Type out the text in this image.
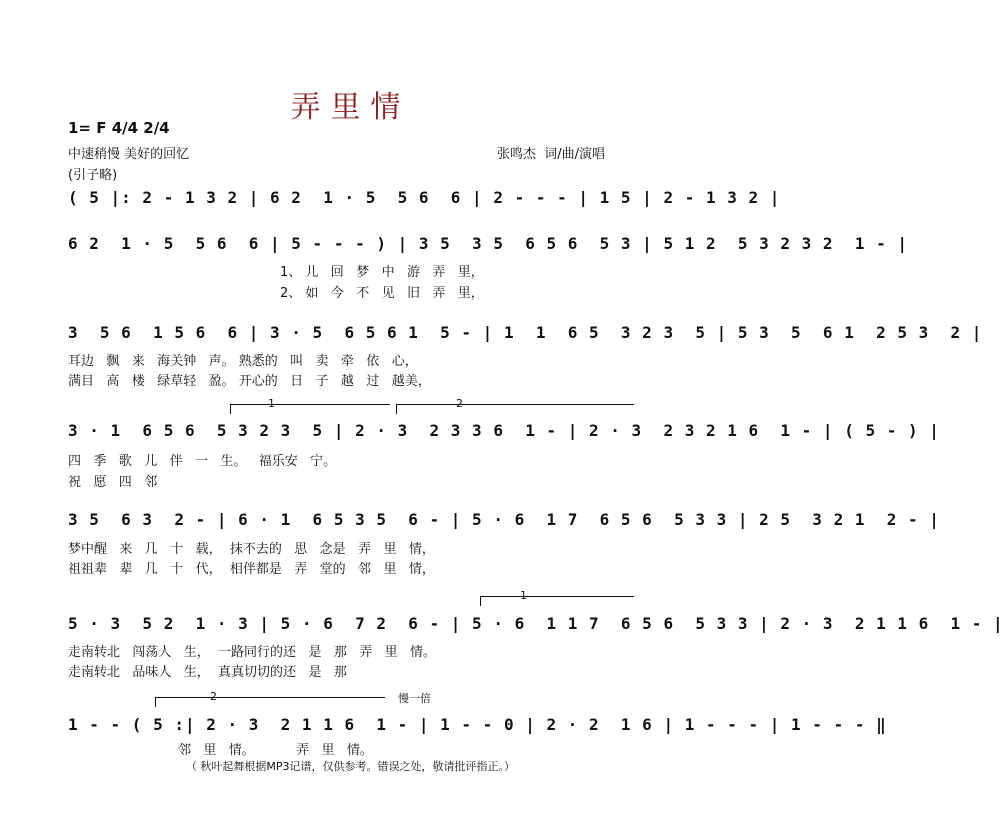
弄里情
1= F 4/4 2/4
中速稍慢 美好的回忆
(引子略)
张鸣杰  词/曲/演唱
( 5 |: 2 - 1 3 2 | 6 2  1 · 5  5 6  6 | 2 - - - | 1 5 | 2 - 1 3 2 |
6 2  1 · 5  5 6  6 | 5 - - - ) | 3 5  3 5  6 5 6  5 3 | 5 1 2  5 3 2 3 2  1 - |
1、 儿   回   梦   中   游   弄   里，
2、 如   今   不   见   旧   弄   里，
3  5 6  1 5 6  6 | 3 · 5  6 5 6 1  5 - | 1  1  6 5  3 2 3  5 | 5 3  5  6 1  2 5 3  2 |
耳边   飘   来   海关钟   声。 熟悉的   叫   卖   牵   依   心，
满目   高   楼   绿草轻   盈。 开心的   日   子   越   过   越美，
1	2
3 · 1  6 5 6  5 3 2 3  5 | 2 · 3  2 3 3 6  1 - | 2 · 3  2 3 2 1 6  1 - | ( 5 - ) |
四   季   歌   儿   伴   一   生。   福乐安   宁。
祝   愿   四   邻
3 5  6 3  2 - | 6 · 1  6 5 3 5  6 - | 5 · 6  1 7  6 5 6  5 3 3 | 2 5  3 2 1  2 - |
梦中醒   来   几   十   载，  抹不去的   思   念是   弄   里   情，
祖祖辈   辈   几   十   代，  相伴都是   弄   堂的   邻   里   情，
1
5 · 3  5 2  1 · 3 | 5 · 6  7 2  6 - | 5 · 6  1 1 7  6 5 6  5 3 3 | 2 · 3  2 1 1 6  1 - |
走南转北   闯荡人   生，  一路同行的还   是   那   弄   里   情。
走南转北   品味人   生，  真真切切的还   是   那
2	慢一倍
1 - - ( 5 :| 2 · 3  2 1 1 6  1 - | 1 - - 0 | 2 · 2  1 6 | 1 - - - | 1 - - - ‖
邻   里   情。          弄   里   情。
（ 秋叶起舞根据MP3记谱，仅供参考。错误之处，敬请批评指正。）
